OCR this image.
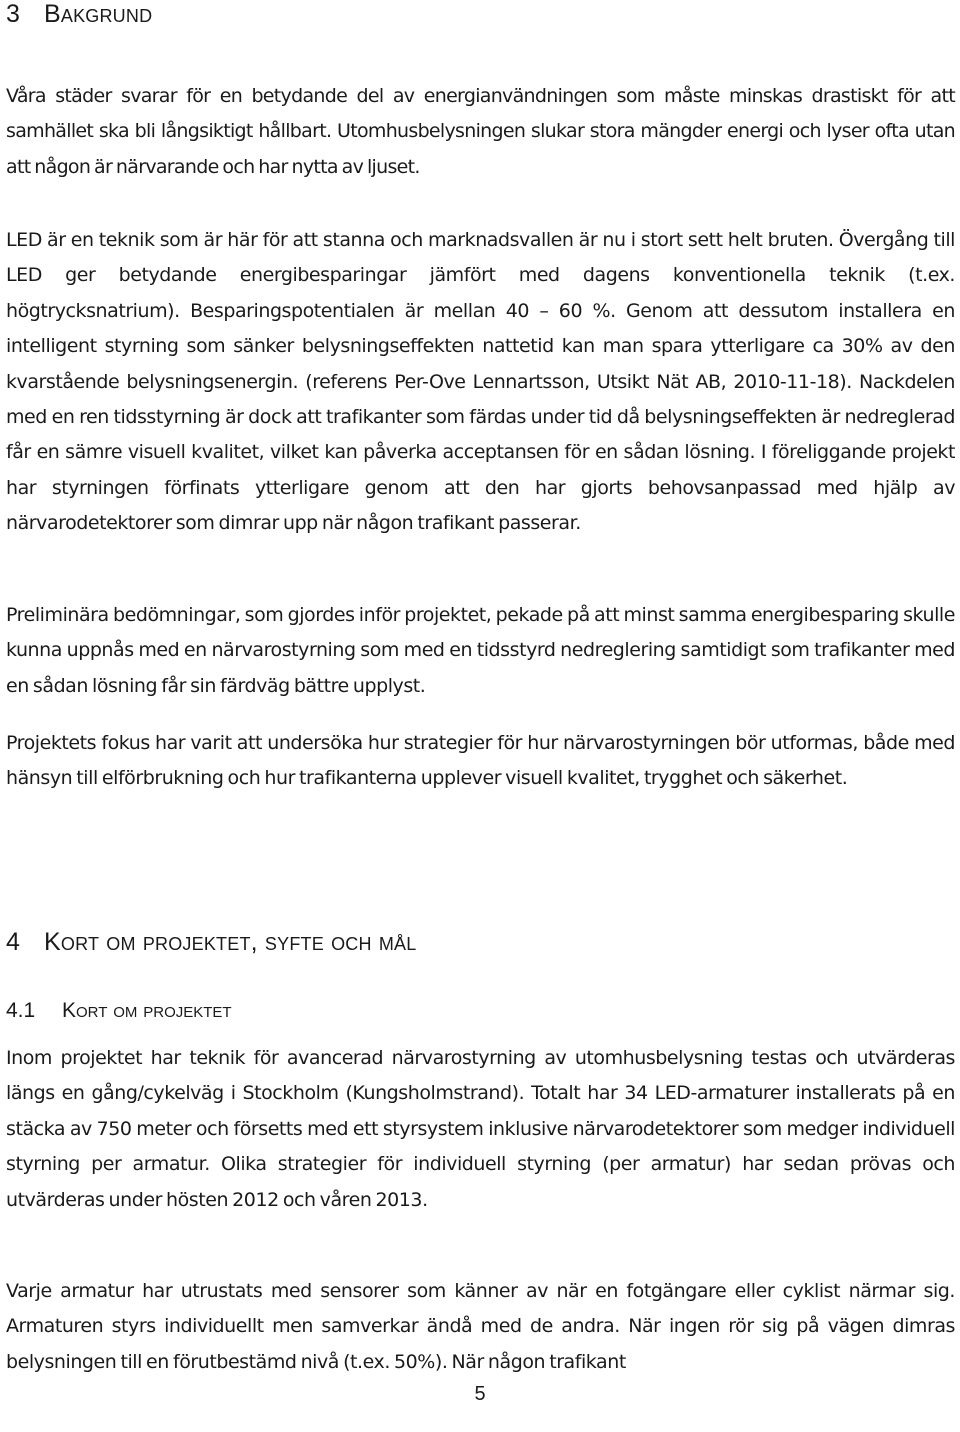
3 Bakgrund

Våra städer svarar för en betydande del av energianvändningen som måste minskas drastiskt för att samhället ska bli långsiktigt hållbart. Utomhusbelysningen slukar stora mängder energi och lyser ofta utan att någon är närvarande och har nytta av ljuset.

LED är en teknik som är här för att stanna och marknadsvallen är nu i stort sett helt bruten. Övergång till LED ger betydande energibesparingar jämfört med dagens konventionella teknik (t.ex. högtrycksnatrium). Besparingspotentialen är mellan 40 – 60 %. Genom att dessutom installera en intelligent styrning som sänker belysningseffekten nattetid kan man spara ytterligare ca 30% av den kvarstående belysningsenergin. (referens Per-Ove Lennartsson, Utsikt Nät AB, 2010-11-18). Nackdelen med en ren tidsstyrning är dock att trafikanter som färdas under tid då belysningseffekten är nedreglerad får en sämre visuell kvalitet, vilket kan påverka acceptansen för en sådan lösning. I föreliggande projekt har styrningen förfinats ytterligare genom att den har gjorts behovsanpassad med hjälp av närvarodetektorer som dimrar upp när någon trafikant passerar.

Preliminära bedömningar, som gjordes inför projektet, pekade på att minst samma energibesparing skulle kunna uppnås med en närvarostyrning som med en tidsstyrd nedreglering samtidigt som trafikanter med en sådan lösning får sin färdväg bättre upplyst.

Projektets fokus har varit att undersöka hur strategier för hur närvarostyrningen bör utformas, både med hänsyn till elförbrukning och hur trafikanterna upplever visuell kvalitet, trygghet och säkerhet.

4 Kort om projektet, syfte och mål
4.1 Kort om projektet

Inom projektet har teknik för avancerad närvarostyrning av utomhusbelysning testas och utvärderas längs en gång/cykelväg i Stockholm (Kungsholmstrand). Totalt har 34 LED-armaturer installerats på en stäcka av 750 meter och försetts med ett styrsystem inklusive närvarodetektorer som medger individuell styrning per armatur. Olika strategier för individuell styrning (per armatur) har sedan prövas och utvärderas under hösten 2012 och våren 2013.

Varje armatur har utrustats med sensorer som känner av när en fotgängare eller cyklist närmar sig. Armaturen styrs individuellt men samverkar ändå med de andra. När ingen rör sig på vägen dimras belysningen till en förutbestämd nivå (t.ex. 50%). När någon trafikant

5
